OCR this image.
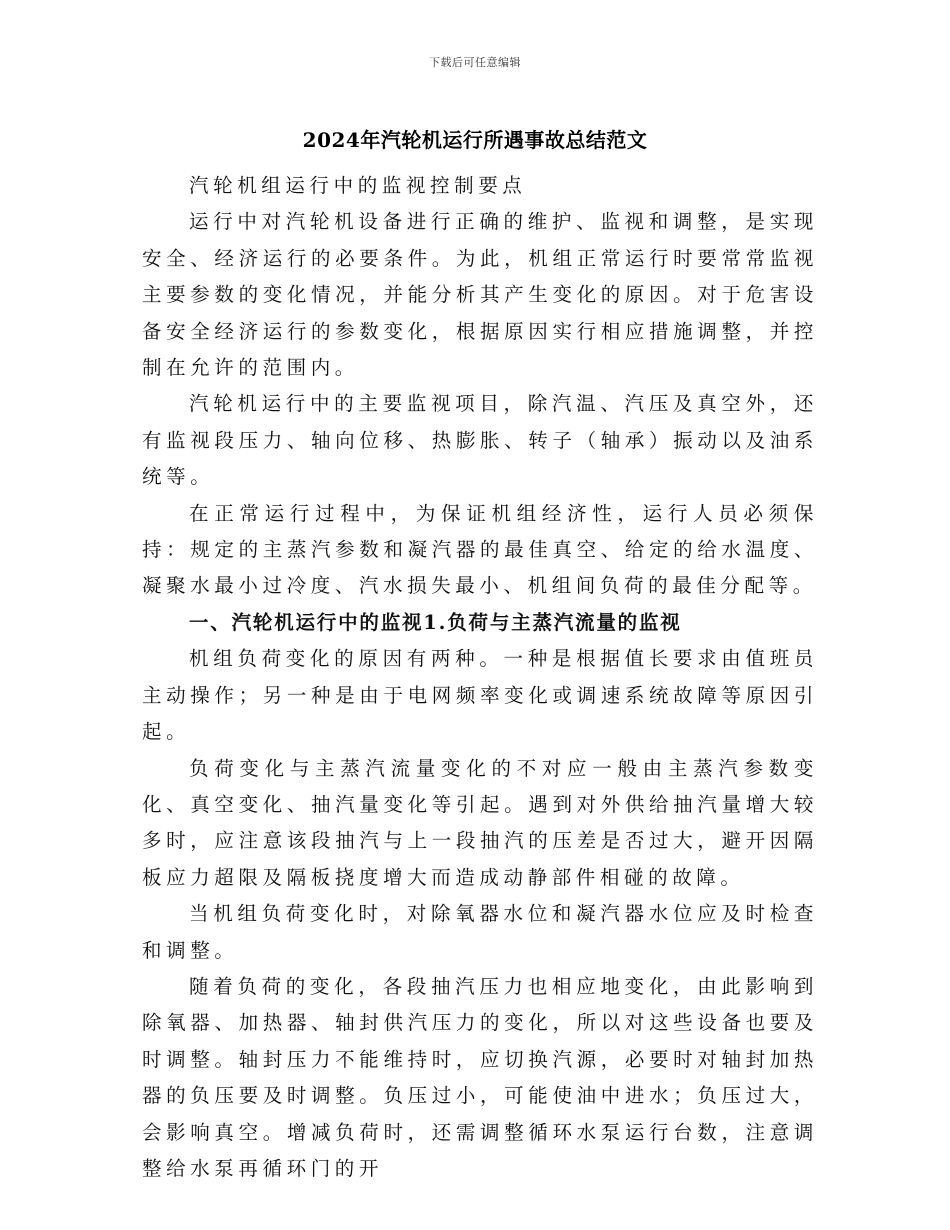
下载后可任意编辑
2024年汽轮机运行所遇事故总结范文

汽轮机组运行中的监视控制要点

运行中对汽轮机设备进行正确的维护、监视和调整，是实现安全、经济运行的必要条件。为此，机组正常运行时要常常监视主要参数的变化情况，并能分析其产生变化的原因。对于危害设备安全经济运行的参数变化，根据原因实行相应措施调整，并控制在允许的范围内。

汽轮机运行中的主要监视项目，除汽温、汽压及真空外，还有监视段压力、轴向位移、热膨胀、转子（轴承）振动以及油系统等。

在正常运行过程中，为保证机组经济性，运行人员必须保持：规定的主蒸汽参数和凝汽器的最佳真空、给定的给水温度、凝聚水最小过冷度、汽水损失最小、机组间负荷的最佳分配等。

一、汽轮机运行中的监视1.负荷与主蒸汽流量的监视

机组负荷变化的原因有两种。一种是根据值长要求由值班员主动操作；另一种是由于电网频率变化或调速系统故障等原因引起。

负荷变化与主蒸汽流量变化的不对应一般由主蒸汽参数变化、真空变化、抽汽量变化等引起。遇到对外供给抽汽量增大较多时，应注意该段抽汽与上一段抽汽的压差是否过大，避开因隔板应力超限及隔板挠度增大而造成动静部件相碰的故障。

当机组负荷变化时，对除氧器水位和凝汽器水位应及时检查和调整。

随着负荷的变化，各段抽汽压力也相应地变化，由此影响到除氧器、加热器、轴封供汽压力的变化，所以对这些设备也要及时调整。轴封压力不能维持时，应切换汽源，必要时对轴封加热器的负压要及时调整。负压过小，可能使油中进水；负压过大，会影响真空。增减负荷时，还需调整循环水泵运行台数，注意调整给水泵再循环门的开
